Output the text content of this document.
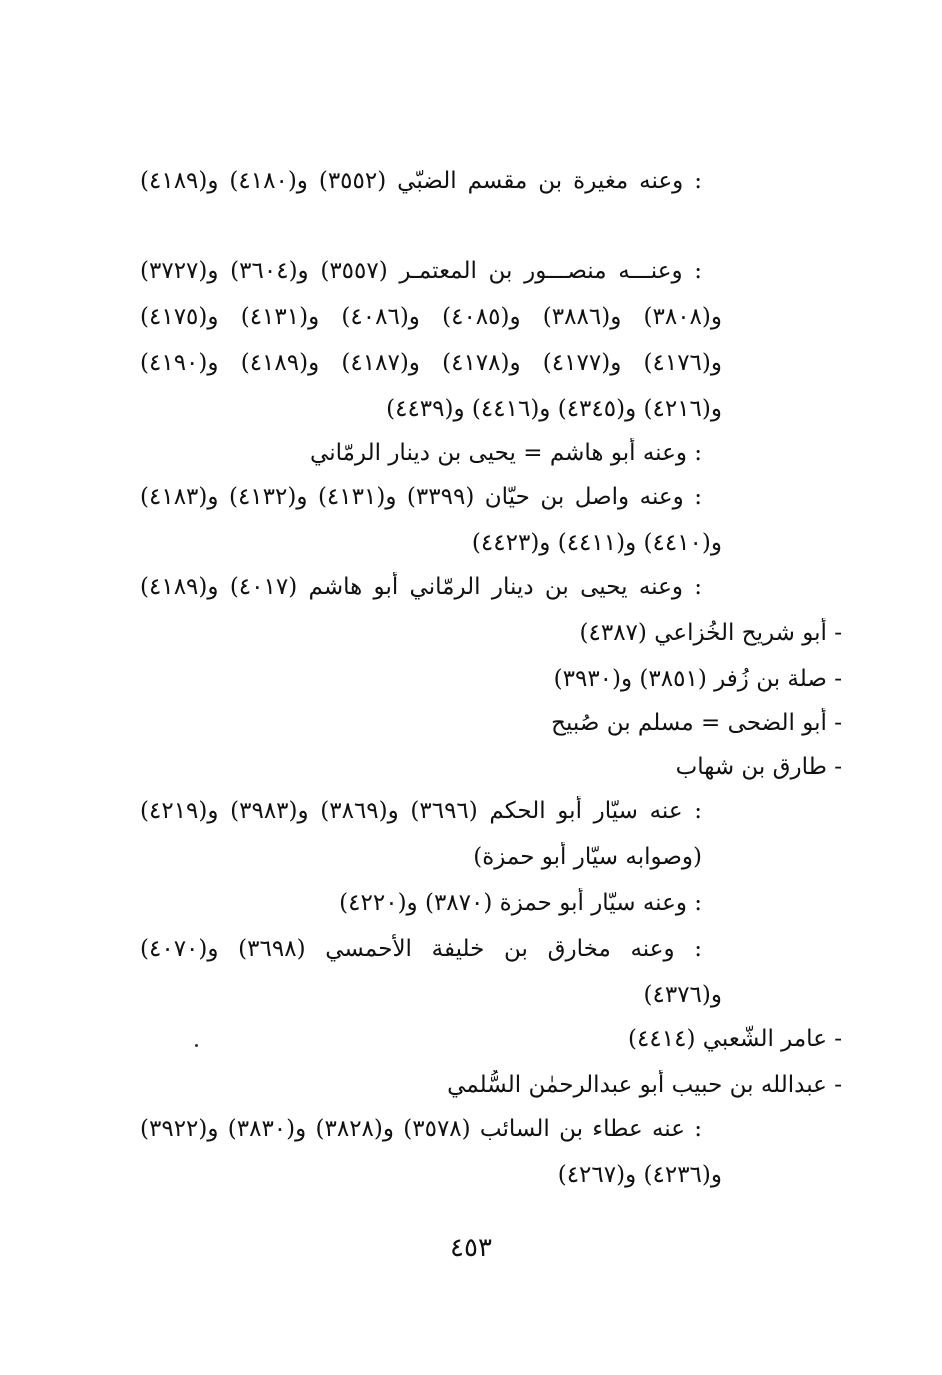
: وعنه مغيرة بن مقسم الضبّي (٣٥٥٢) و(٤١٨٠) و(٤١٨٩)
: وعنـــه منصـــور بن المعتمـر (٣٥٥٧) و(٣٦٠٤) و(٣٧٢٧)
و(٣٨٠٨) و(٣٨٨٦) و(٤٠٨٥) و(٤٠٨٦) و(٤١٣١) و(٤١٧٥)
و(٤١٧٦) و(٤١٧٧) و(٤١٧٨) و(٤١٨٧) و(٤١٨٩) و(٤١٩٠)
و(٤٢١٦) و(٤٣٤٥) و(٤٤١٦) و(٤٤٣٩)
: وعنه أبو هاشم = يحيى بن دينار الرمّاني
: وعنه واصل بن حيّان (٣٣٩٩) و(٤١٣١) و(٤١٣٢) و(٤١٨٣)
و(٤٤١٠) و(٤٤١١) و(٤٤٢٣)
: وعنه يحيى بن دينار الرمّاني أبو هاشم (٤٠١٧) و(٤١٨٩)
- أبو شريح الخُزاعي (٤٣٨٧)
- صلة بن زُفر (٣٨٥١) و(٣٩٣٠)
- أبو الضحى = مسلم بن صُبيح
- طارق بن شهاب
: عنه سيّار أبو الحكم (٣٦٩٦) و(٣٨٦٩) و(٣٩٨٣) و(٤٢١٩)
(وصوابه سيّار أبو حمزة)
: وعنه سيّار أبو حمزة (٣٨٧٠) و(٤٢٢٠)
: وعنه مخارق بن خليفة الأحمسي (٣٦٩٨) و(٤٠٧٠)
و(٤٣٧٦)
- عامر الشّعبي (٤٤١٤)
- عبدالله بن حبيب أبو عبدالرحمٰن السُّلمي
: عنه عطاء بن السائب (٣٥٧٨) و(٣٨٢٨) و(٣٨٣٠) و(٣٩٢٢)
و(٤٢٣٦) و(٤٢٦٧)
٤٥٣
